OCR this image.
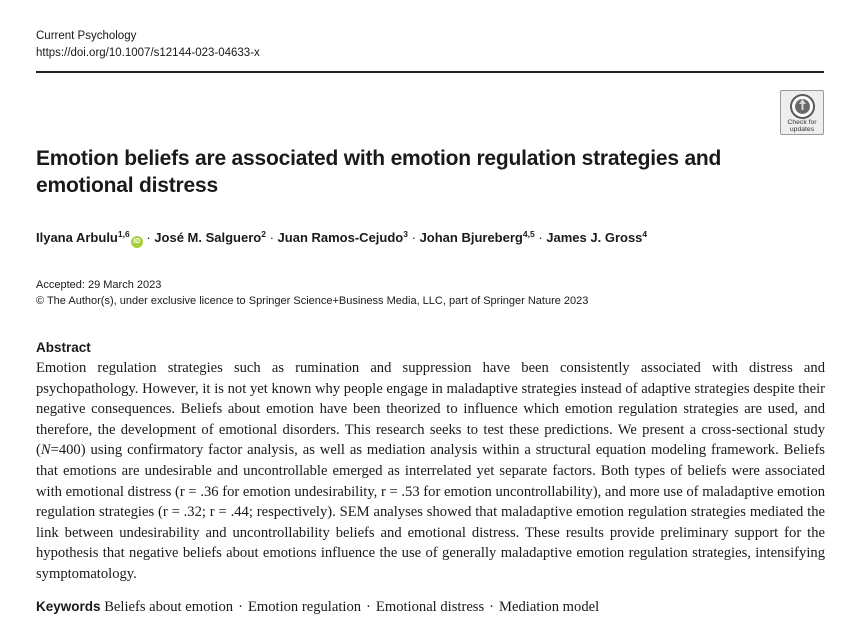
Current Psychology
https://doi.org/10.1007/s12144-023-04633-x
Check for
updates
Emotion beliefs are associated with emotion regulation strategies and emotional distress
Ilyana Arbulu$^{1,6}$iD · José M. Salguero$^2$ · Juan Ramos-Cejudo$^3$ · Johan Bjureberg$^{4,5}$ · James J. Gross$^4$
Accepted: 29 March 2023
© The Author(s), under exclusive licence to Springer Science+Business Media, LLC, part of Springer Nature 2023
Abstract
Emotion regulation strategies such as rumination and suppression have been consistently associated with distress and psychopathology. However, it is not yet known why people engage in maladaptive strategies instead of adaptive strategies despite their negative consequences. Beliefs about emotion have been theorized to influence which emotion regulation strategies are used, and therefore, the development of emotional disorders. This research seeks to test these predictions. We present a cross-sectional study (N=400) using confirmatory factor analysis, as well as mediation analysis within a structural equation modeling framework. Beliefs that emotions are undesirable and uncontrollable emerged as interrelated yet separate factors. Both types of beliefs were associated with emotional distress (r = .36 for emotion undesirability, r = .53 for emotion uncontrollability), and more use of maladaptive emotion regulation strategies (r = .32; r = .44; respectively). SEM analyses showed that maladaptive emotion regulation strategies mediated the link between undesirability and uncontrollability beliefs and emotional distress. These results provide preliminary support for the hypothesis that negative beliefs about emotions influence the use of generally maladaptive emotion regulation strategies, intensifying symptomatology.
Keywords Beliefs about emotion · Emotion regulation · Emotional distress · Mediation model
